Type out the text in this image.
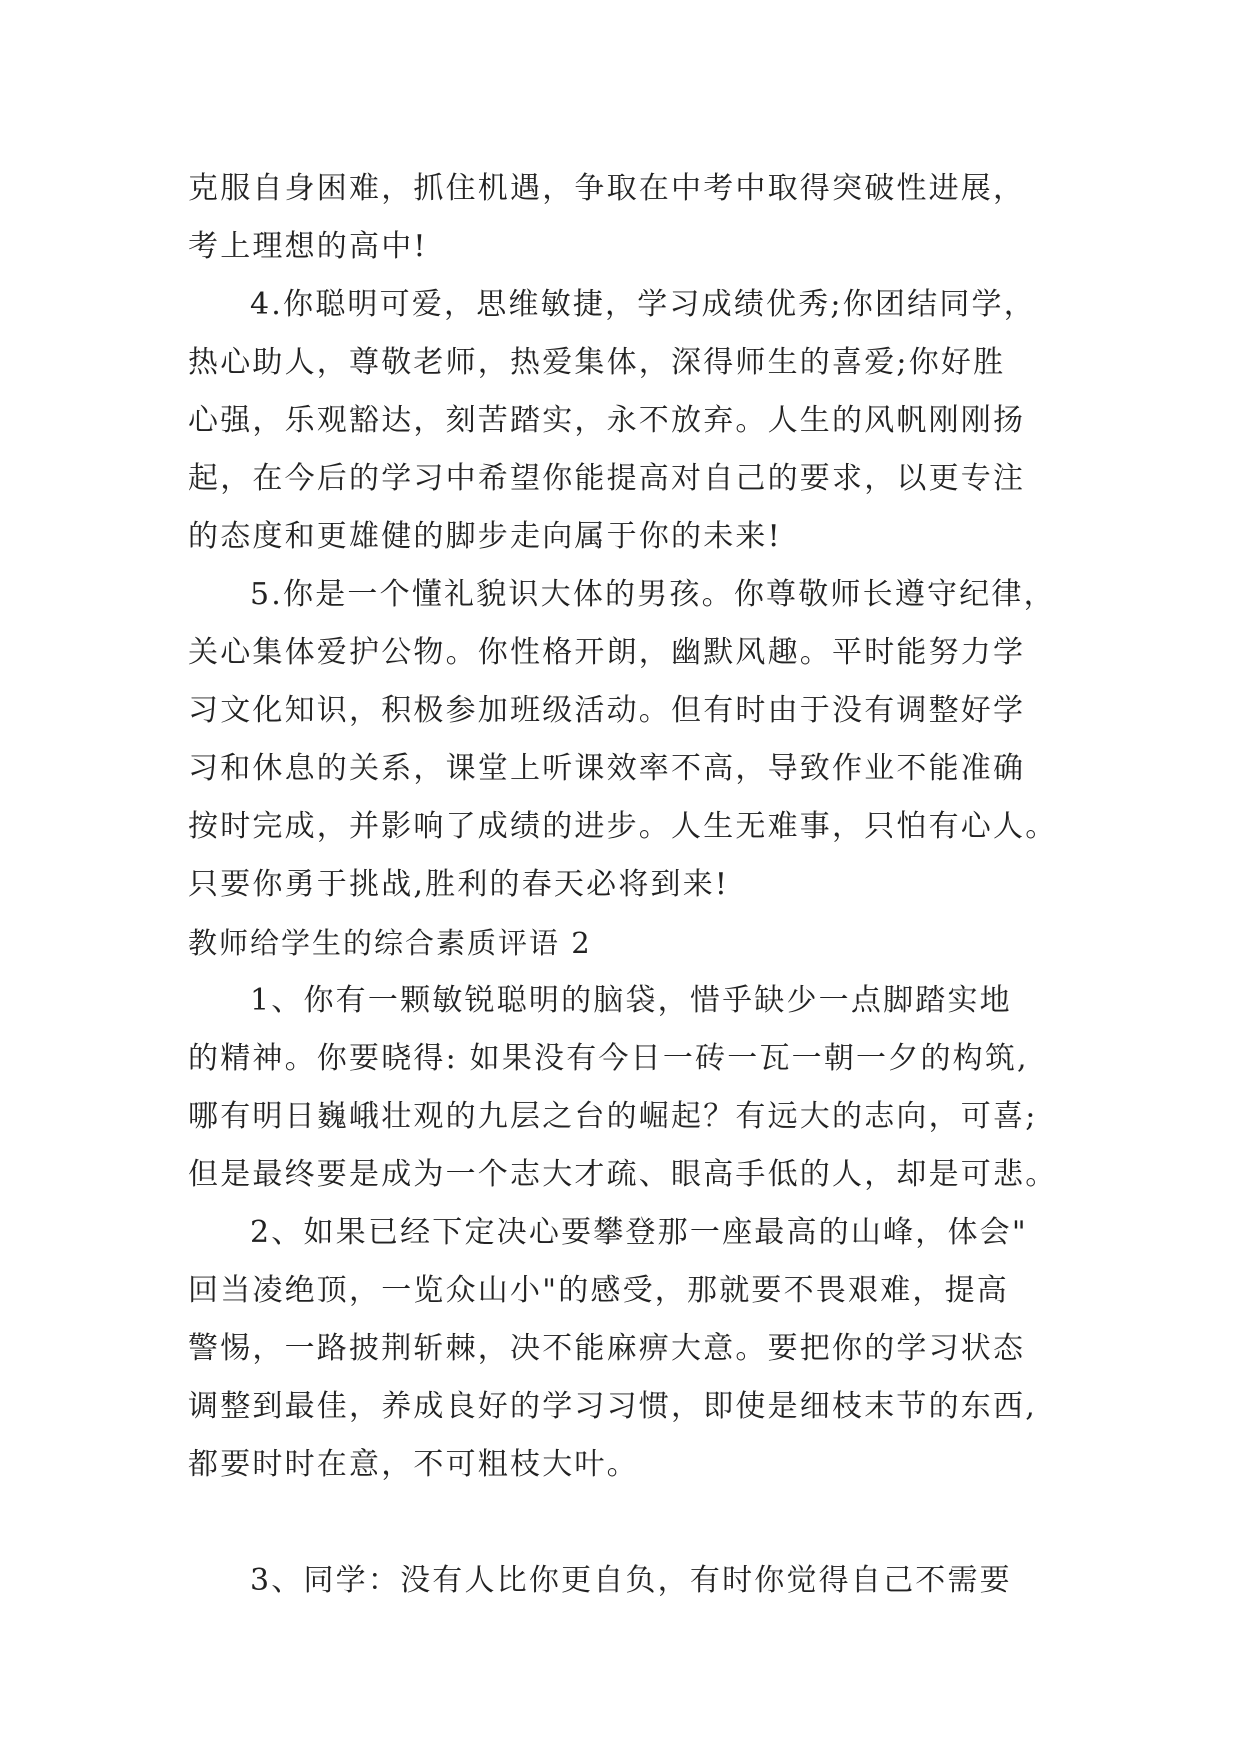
克服自身困难，抓住机遇，争取在中考中取得突破性进展，
考上理想的高中!
4.你聪明可爱，思维敏捷，学习成绩优秀;你团结同学，
热心助人，尊敬老师，热爱集体，深得师生的喜爱;你好胜
心强，乐观豁达，刻苦踏实，永不放弃。人生的风帆刚刚扬
起，在今后的学习中希望你能提高对自己的要求，以更专注
的态度和更雄健的脚步走向属于你的未来!
5.你是一个懂礼貌识大体的男孩。你尊敬师长遵守纪律，
关心集体爱护公物。你性格开朗，幽默风趣。平时能努力学
习文化知识，积极参加班级活动。但有时由于没有调整好学
习和休息的关系，课堂上听课效率不高，导致作业不能准确
按时完成，并影响了成绩的进步。人生无难事，只怕有心人。
只要你勇于挑战,胜利的春天必将到来!
教师给学生的综合素质评语 2
1、你有一颗敏锐聪明的脑袋，惜乎缺少一点脚踏实地
的精神。你要晓得: 如果没有今日一砖一瓦一朝一夕的构筑,
哪有明日巍峨壮观的九层之台的崛起？有远大的志向，可喜;
但是最终要是成为一个志大才疏、眼高手低的人，却是可悲。
2、如果已经下定决心要攀登那一座最高的山峰，体会"
回当凌绝顶，一览众山小"的感受，那就要不畏艰难，提高
警惕，一路披荆斩棘，决不能麻痹大意。要把你的学习状态
调整到最佳，养成良好的学习习惯，即使是细枝末节的东西,
都要时时在意，不可粗枝大叶。
3、同学：没有人比你更自负，有时你觉得自己不需要
